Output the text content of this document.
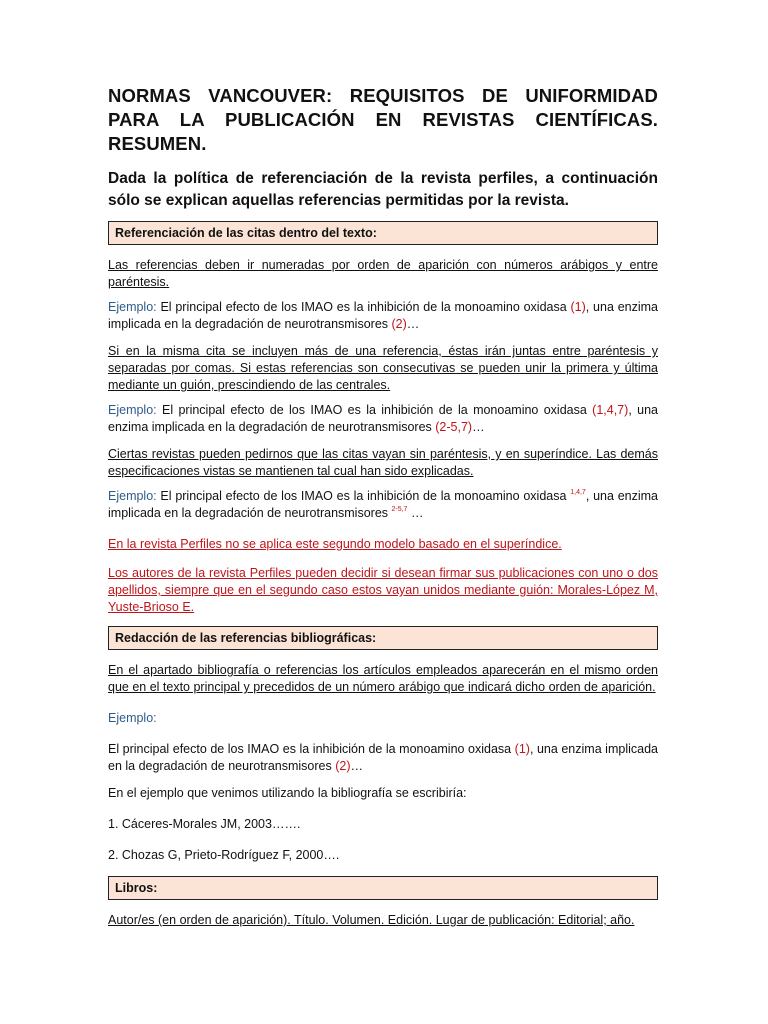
NORMAS VANCOUVER: REQUISITOS DE UNIFORMIDAD PARA LA PUBLICACIÓN EN REVISTAS CIENTÍFICAS. RESUMEN.

Dada la política de referenciación de la revista perfiles, a continuación sólo se explican aquellas referencias permitidas por la revista.

Referenciación de las citas dentro del texto:

Las referencias deben ir numeradas por orden de aparición con números arábigos y entre paréntesis.

Ejemplo: El principal efecto de los IMAO es la inhibición de la monoamino oxidasa (1), una enzima implicada en la degradación de neurotransmisores (2)…

Si en la misma cita se incluyen más de una referencia, éstas irán juntas entre paréntesis y separadas por comas. Si estas referencias son consecutivas se pueden unir la primera y última mediante un guión, prescindiendo de las centrales.

Ejemplo: El principal efecto de los IMAO es la inhibición de la monoamino oxidasa (1,4,7), una enzima implicada en la degradación de neurotransmisores (2-5,7)…

Ciertas revistas pueden pedirnos que las citas vayan sin paréntesis, y en superíndice. Las demás especificaciones vistas se mantienen tal cual han sido explicadas.

Ejemplo: El principal efecto de los IMAO es la inhibición de la monoamino oxidasa $^{1,4,7}$, una enzima implicada en la degradación de neurotransmisores $^{2-5,7}$ …

En la revista Perfiles no se aplica este segundo modelo basado en el superíndice.

Los autores de la revista Perfiles pueden decidir si desean firmar sus publicaciones con uno o dos apellidos, siempre que en el segundo caso estos vayan unidos mediante guión: Morales-López M, Yuste-Brioso E.

Redacción de las referencias bibliográficas:

En el apartado bibliografía o referencias los artículos empleados aparecerán en el mismo orden que en el texto principal y precedidos de un número arábigo que indicará dicho orden de aparición.

Ejemplo:

El principal efecto de los IMAO es la inhibición de la monoamino oxidasa (1), una enzima implicada en la degradación de neurotransmisores (2)…

En el ejemplo que venimos utilizando la bibliografía se escribiría:

1. Cáceres-Morales JM, 2003…….

2. Chozas G, Prieto-Rodríguez F, 2000….

Libros:

Autor/es (en orden de aparición). Título. Volumen. Edición. Lugar de publicación: Editorial; año.
